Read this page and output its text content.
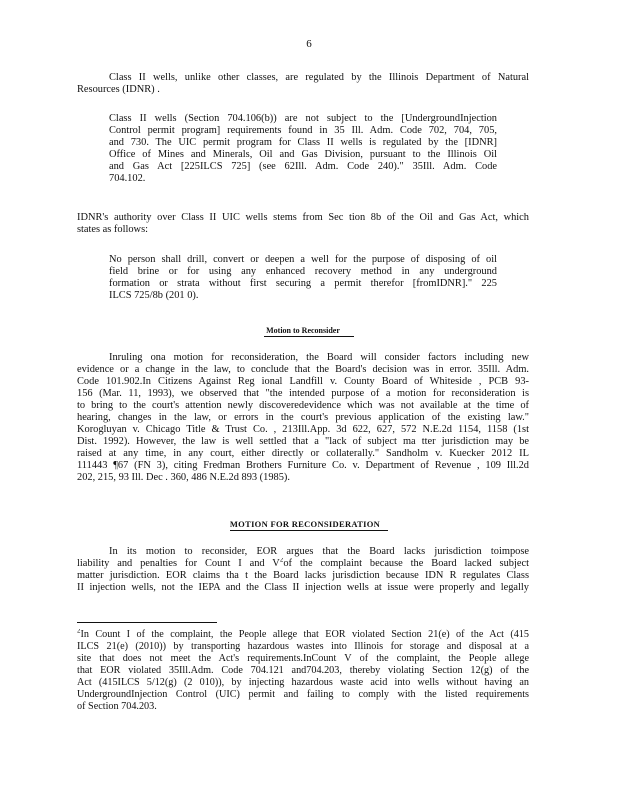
6
Class II wells, unlike other classes, are regulated by the Illinois Department of Natural
Resources (IDNR) .
Class II wells (Section 704.106(b)) are not subject to the [UndergroundInjection
Control permit program] requirements found in 35 Ill. Adm. Code 702, 704, 705,
and 730. The UIC permit program for Class II wells is regulated by the [IDNR]
Office of Mines and Minerals, Oil and Gas Division, pursuant to the Illinois Oil
and Gas Act [225ILCS 725] (see 62Ill. Adm. Code 240)." 35Ill. Adm. Code
704.102.
IDNR's authority over Class II UIC wells stems from Sec tion 8b of the Oil and Gas Act, which
states as follows:
No person shall drill, convert or deepen a well for the purpose of disposing of oil
field brine or for using any enhanced recovery method in any underground
formation or strata without first securing a permit therefor [fromIDNR]." 225
ILCS 725/8b (201 0).
Motion to Reconsider
Inruling ona motion for reconsideration, the Board will consider factors including new
evidence or a change in the law, to conclude that the Board's decision was in error. 35Ill. Adm.
Code 101.902.In Citizens Against Reg ional Landfill v. County Board of Whiteside , PCB 93-
156 (Mar. 11, 1993), we observed that "the intended purpose of a motion for reconsideration is
to bring to the court's attention newly discoveredevidence which was not available at the time of
hearing, changes in the law, or errors in the court's previous application of the existing law."
Korogluyan v. Chicago Title & Trust Co. , 213Ill.App. 3d 622, 627, 572 N.E.2d 1154, 1158 (1st
Dist. 1992). However, the law is well settled that a "lack of subject ma tter jurisdiction may be
raised at any time, in any court, either directly or collaterally." Sandholm v. Kuecker 2012 IL
111443 ¶67 (FN 3), citing Fredman Brothers Furniture Co. v. Department of Revenue , 109 Ill.2d
202, 215, 93 Ill. Dec . 360, 486 N.E.2d 893 (1985).
MOTION FOR RECONSIDERATION
In its motion to reconsider, EOR argues that the Board lacks jurisdiction toimpose
liability and penalties for Count I and $V^2of$ the complaint because the Board lacked subject
matter jurisdiction. EOR claims tha t the Board lacks jurisdiction because IDN R regulates Class
II injection wells, not the IEPA and the Class II injection wells at issue were properly and legally
$^2$In Count I of the complaint, the People allege that EOR violated Section 21(e) of the Act (415
ILCS 21(e) (2010)) by transporting hazardous wastes into Illinois for storage and disposal at a
site that does not meet the Act's requirements.InCount V of the complaint, the People allege
that EOR violated 35Ill.Adm. Code 704.121 and704.203, thereby violating Section 12(g) of the
Act (415ILCS 5/12(g) (2 010)), by injecting hazardous waste acid into wells without having an
UndergroundInjection Control (UIC) permit and failing to comply with the listed requirements
of Section 704.203.
